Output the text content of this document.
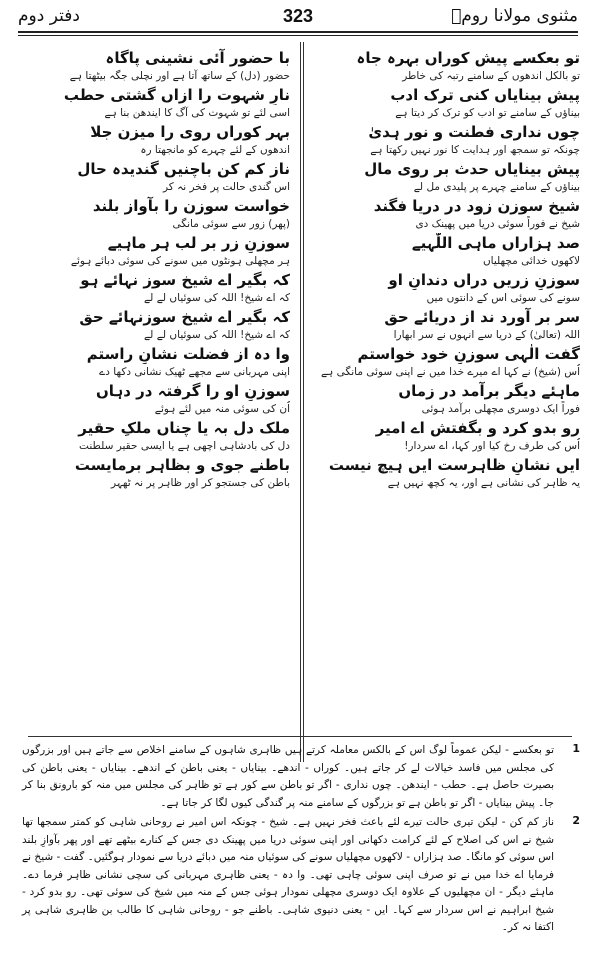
مثنوی مولانا رومؒ
323
دفتر دوم
تو بعکسے پیش کوراں بہرہ جاہ
تو بالکل اندھوں کے سامنے رتبہ کی خاطر
پیش بینایاں کنی ترک ادب
بیناؤں کے سامنے تو ادب کو ترک کر دیتا ہے
چوں نداری فطنت و نور ہدیٰ
چونکہ تو سمجھ اور ہدایت کا نور نہیں رکھتا ہے
پیش بینایاں حدث بر روی مال
بیناؤں کے سامنے چہرے پر پلیدی مل لے
شیخ سوزن زود در دریا فگند
شیخ نے فوراً سوئی دریا میں پھینک دی
صد ہزاراں ماہی اللّٰہیے
لاکھوں خدائی مچھلیاں
سوزنِ زریں دراں دندانِ او
سونے کی سوئی اس کے دانتوں میں
سر بر آورد ند از دریائے حق
اللہ (تعالیٰ) کے دریا سے انہوں نے سر ابھارا
گفت الٰہی سوزنِ خود خواستم
اُس (شیخ) نے کہا اے میرے خدا میں نے اپنی سوئی مانگی ہے
ماہئے دیگر برآمد در زماں
فوراً ایک دوسری مچھلی برآمد ہوئی
رو بدو کرد و بگفتش اے امیر
اُس کی طرف رخ کیا اور کہا، اے سردار!
ایں نشانِ ظاہرست ایں ہیچ نیست
یہ ظاہر کی نشانی ہے اور، یہ کچھ نہیں ہے
با حضور آئی نشینی پاگاہ
حضور (دل) کے ساتھ آتا ہے اور نچلی جگہ بیٹھتا ہے
نارِ شہوت را ازاں گشتی حطب
اسی لئے تو شہوت کی آگ کا ایندھن بنا ہے
بہر کوراں روی را میزن جلا
اندھوں کے لئے چہرے کو مانجھتا رہ
ناز کم کن باچنیں گندیدہ حال
اس گندی حالت پر فخر نہ کر
خواست سوزن را بآوازِ بلند
(پھر) زور سے سوئی مانگی
سوزنِ زر بر لب ہر ماہیے
ہر مچھلی ہونٹوں میں سونے کی سوئی دبائے ہوئے
کہ بگیر اے شیخ سوزِ نہائے ہو
کہ اے شیخ! اللہ کی سوئیاں لے لے
کہ بگیر اے شیخ سوزنہائے حق
کہ اے شیخ! اللہ کی سوئیاں لے لے
وا دہ از فضلت نشانِ راستم
اپنی مہربانی سے مجھے ٹھیک نشانی دکھا دے
سوزنِ او را گرفتہ در دہاں
اُن کی سوئی منہ میں لئے ہوئے
ملک دل بہ یا چناں ملکِ حقیر
دل کی بادشاہی اچھی ہے یا ایسی حقیر سلطنت
باطنے جوی و بظاہر برمایست
باطن کی جستجو کر اور ظاہر پر نہ ٹھہر
1

تو بعکسے - لیکن عموماً لوگ اس کے بالکس معاملہ کرتے ہیں ظاہری شاہوں کے سامنے اخلاص سے جاتے ہیں اور بزرگوں کی مجلس میں فاسد خیالات لے کر جاتے ہیں۔ کوراں - اندھے۔ بینایاں - یعنی باطن کے اندھے۔ بینایاں - یعنی باطن کی بصیرت حاصل ہے۔ حطب - ایندھن۔ چوں نداری - اگر تو باطن سے کور ہے تو ظاہر کی مجلس میں منہ کو بارونق بنا کر جا۔ پیش بینایاں - اگر تو باطن ہے تو بزرگوں کے سامنے منہ پر گندگی کیوں لگا کر جاتا ہے۔

2

ناز کم کن - لیکن تیری حالت تیرے لئے باعث فخر نہیں ہے۔ شیخ - چونکہ اس امیر نے روحانی شاہی کو کمتر سمجھا تھا شیخ نے اس کی اصلاح کے لئے کرامت دکھانی اور اپنی سوئی دریا میں پھینک دی جس کے کنارے بیٹھے تھے اور پھر بآوازِ بلند اس سوئی کو مانگا۔ صد ہزاراں - لاکھوں مچھلیاں سونے کی سوئیاں منہ میں دبائے دریا سے نمودار ہوگئیں۔ گفت - شیخ نے فرمایا اے خدا میں نے تو صرف اپنی سوئی چاہی تھی۔ وا دہ - یعنی ظاہری مہربانی کی سچی نشانی ظاہر فرما دے۔ ماہئے دیگر - ان مچھلیوں کے علاوہ ایک دوسری مچھلی نمودار ہوئی جس کے منہ میں شیخ کی سوئی تھی۔ رو بدو کرد - شیخ ابراہیم نے اس سردار سے کہا۔ ایں - یعنی دنیوی شاہی۔ باطنے جو - روحانی شاہی کا طالب بن ظاہری شاہی پر اکتفا نہ کر۔
